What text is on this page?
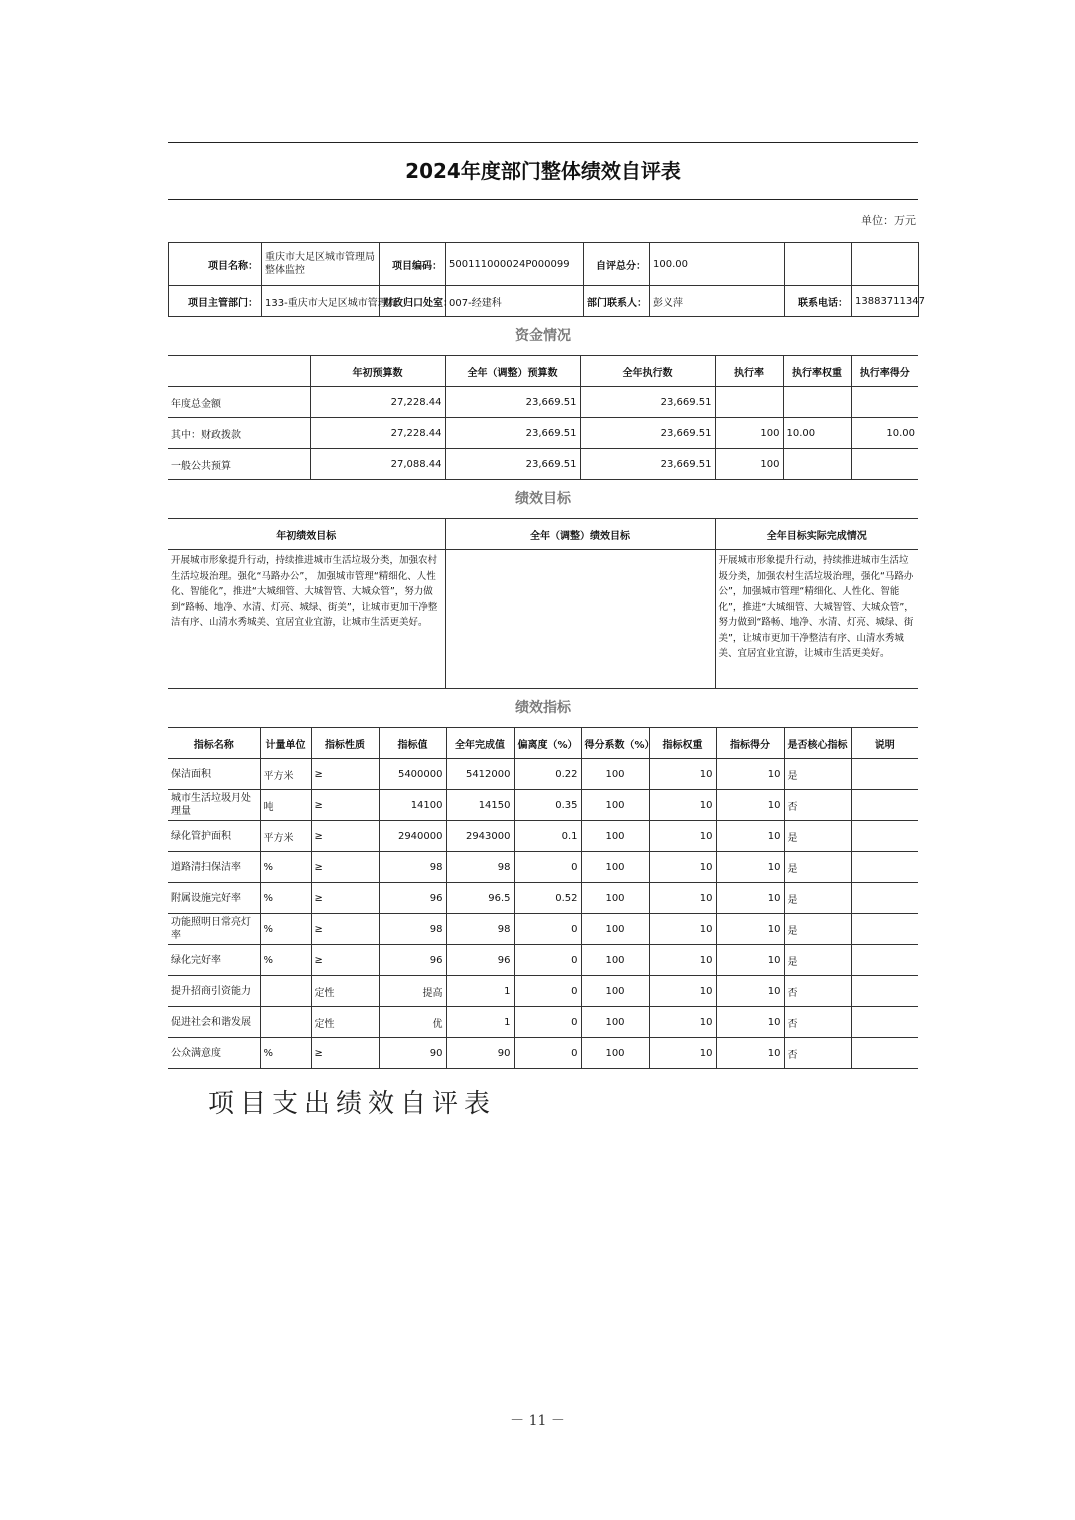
2024年度部门整体绩效自评表
单位：万元
项目名称：	重庆市大足区城市管理局整体监控	项目编码：	500111000024P000099	自评总分：	100.00		
项目主管部门：	133-重庆市大足区城市管理局	财政归口处室：	007-经建科	部门联系人：	彭义萍	联系电话：	13883711347
资金情况
	年初预算数	全年（调整）预算数	全年执行数	执行率	执行率权重	执行率得分
年度总金额	27,228.44	23,669.51	23,669.51			
其中：财政拨款	27,228.44	23,669.51	23,669.51	100	10.00	10.00
一般公共预算	27,088.44	23,669.51	23,669.51	100		
绩效目标
年初绩效目标	全年（调整）绩效目标	全年目标实际完成情况
开展城市形象提升行动，持续推进城市生活垃圾分类，加强农村生活垃圾治理。强化“马路办公”， 加强城市管理“精细化、人性化、智能化”，推进“大城细管、大城智管、大城众管”，努力做到“路畅、地净、水清、灯亮、城绿、街美”，让城市更加干净整洁有序、山清水秀城美、宜居宜业宜游，让城市生活更美好。		开展城市形象提升行动，持续推进城市生活垃圾分类，加强农村生活垃圾治理，强化“马路办公”，加强城市管理“精细化、人性化、智能化”，推进“大城细管、大城智管、大城众管”，努力做到“路畅、地净、水清、灯亮、城绿、街美”，让城市更加干净整洁有序、山清水秀城美、宜居宜业宜游，让城市生活更美好。
绩效指标
指标名称	计量单位	指标性质	指标值	全年完成值	偏离度（%）	得分系数（%）	指标权重	指标得分	是否核心指标	说明
保洁面积	平方米	≥	5400000	5412000	0.22	100	10	10	是	
城市生活垃圾月处理量	吨	≥	14100	14150	0.35	100	10	10	否	
绿化管护面积	平方米	≥	2940000	2943000	0.1	100	10	10	是	
道路清扫保洁率	%	≥	98	98	0	100	10	10	是	
附属设施完好率	%	≥	96	96.5	0.52	100	10	10	是	
功能照明日常亮灯率	%	≥	98	98	0	100	10	10	是	
绿化完好率	%	≥	96	96	0	100	10	10	是	
提升招商引资能力		定性	提高	1	0	100	10	10	否	
促进社会和谐发展		定性	优	1	0	100	10	10	否	
公众满意度	%	≥	90	90	0	100	10	10	否	
项目支出绩效自评表
－ 11 －
